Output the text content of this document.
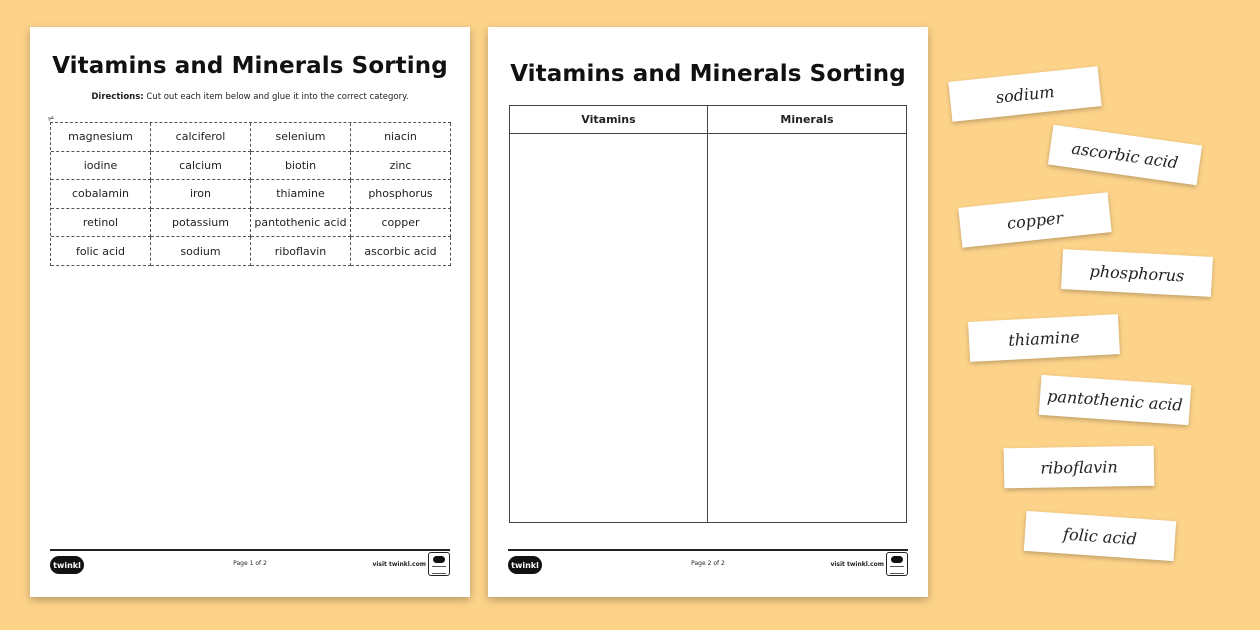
Vitamins and Minerals Sorting
Directions: Cut out each item below and glue it into the correct category.
✂
magnesium	calciferol	selenium	niacin
iodine	calcium	biotin	zinc
cobalamin	iron	thiamine	phosphorus
retinol	potassium	pantothenic acid	copper
folic acid	sodium	riboflavin	ascorbic acid
twinkl	Page 1 of 2	visit twinkl.com
Vitamins and Minerals Sorting
Vitamins	Minerals
twinkl	Page 2 of 2	visit twinkl.com
sodium
ascorbic acid
copper
phosphorus
thiamine
pantothenic acid
riboflavin
folic acid
